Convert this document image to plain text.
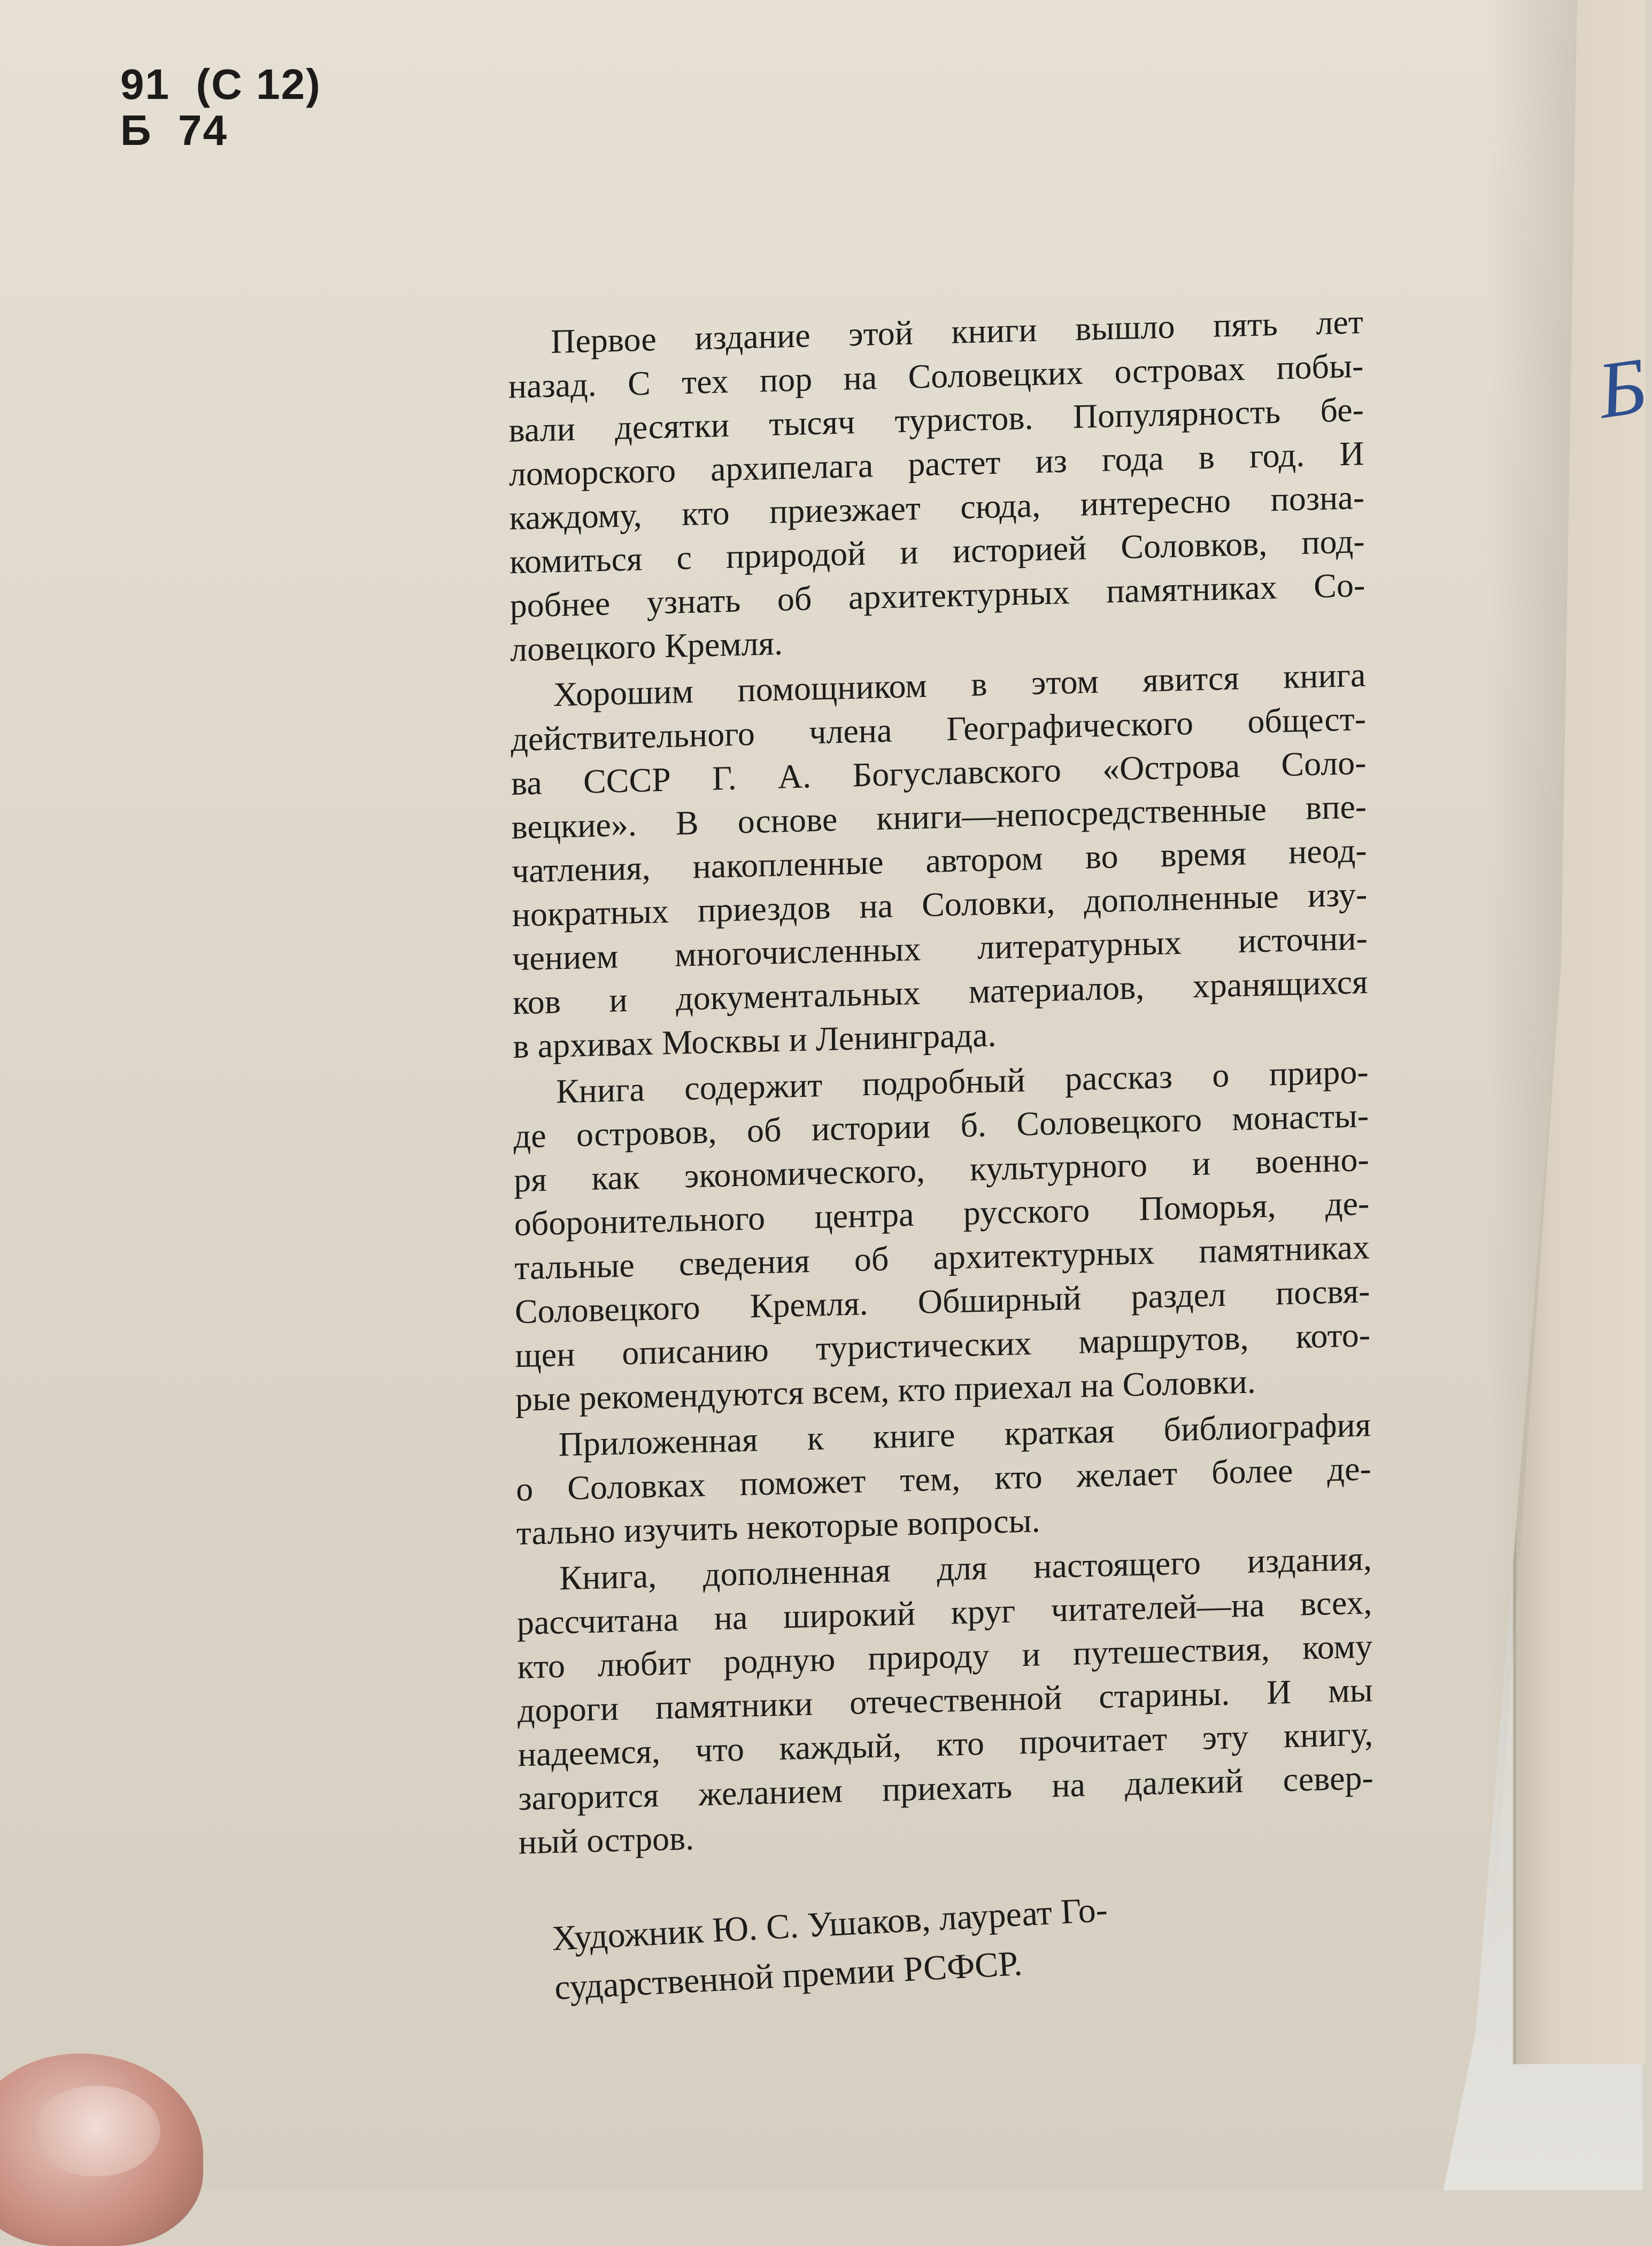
Б
91  (С 12)
Б  74

Первое издание этой книги вышло пять лет
назад. С тех пор на Соловецких островах побы-
вали десятки тысяч туристов. Популярность бе-
ломорского архипелага растет из года в год. И
каждому, кто приезжает сюда, интересно позна-
комиться с природой и историей Соловков, под-
робнее узнать об архитектурных памятниках Со-
ловецкого Кремля.

Хорошим помощником в этом явится книга
действительного члена Географического общест-
ва СССР Г. А. Богуславского «Острова Соло-
вецкие». В основе книги—непосредственные впе-
чатления, накопленные автором во время неод-
нократных приездов на Соловки, дополненные изу-
чением многочисленных литературных источни-
ков и документальных материалов, хранящихся
в архивах Москвы и Ленинграда.

Книга содержит подробный рассказ о приро-
де островов, об истории б. Соловецкого монасты-
ря как экономического, культурного и военно-
оборонительного центра русского Поморья, де-
тальные сведения об архитектурных памятниках
Соловецкого Кремля. Обширный раздел посвя-
щен описанию туристических маршрутов, кото-
рые рекомендуются всем, кто приехал на Соловки.

Приложенная к книге краткая библиография
о Соловках поможет тем, кто желает более де-
тально изучить некоторые вопросы.

Книга, дополненная для настоящего издания,
рассчитана на широкий круг читателей—на всех,
кто любит родную природу и путешествия, кому
дороги памятники отечественной старины. И мы
надеемся, что каждый, кто прочитает эту книгу,
загорится желанием приехать на далекий север-
ный остров.

Художник Ю. С. Ушаков, лауреат Го-
сударственной премии РСФСР.
